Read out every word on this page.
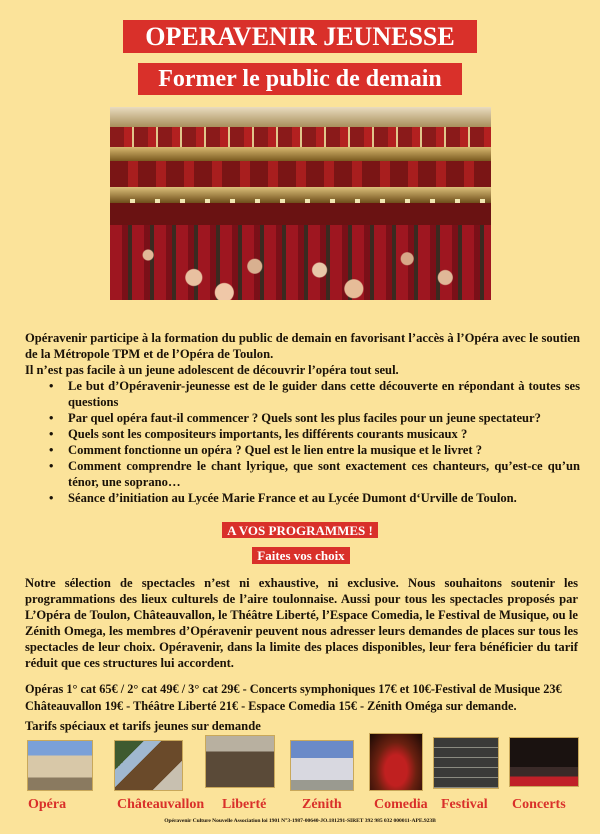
OPERAVENIR JEUNESSE
Former le public de demain

Opéravenir participe à la formation du public de demain en favorisant l’accès à l’Opéra avec le soutien de la Métropole TPM et de l’Opéra de Toulon.

Il n’est pas facile à un jeune adolescent de découvrir l’opéra tout seul.

• Le but d’Opéravenir-jeunesse est de le guider dans cette découverte en répondant à toutes ses questions
• Par quel opéra faut-il commencer ? Quels sont les plus faciles pour un jeune spectateur?
• Quels sont les compositeurs importants, les différents courants musicaux ?
• Comment fonctionne un opéra ? Quel est le lien entre la musique et le livret ?
• Comment comprendre le chant lyrique, que sont exactement ces chanteurs, qu’est-ce qu’un ténor, une soprano…
• Séance d’initiation au Lycée Marie France et au Lycée Dumont d‘Urville de Toulon.
A VOS PROGRAMMES !
Faites vos choix

Notre sélection de spectacles n’est ni exhaustive, ni exclusive. Nous souhaitons soutenir les programmations des lieux culturels de l’aire toulonnaise. Aussi pour tous les spectacles proposés par L’Opéra de Toulon, Châteauvallon, le Théâtre Liberté, l’Espace Comedia, le Festival de Musique, ou le Zénith Omega, les membres d’Opéravenir peuvent nous adresser leurs demandes de places sur tous les spectacles de leur choix. Opéravenir, dans la limite des places disponibles, leur fera bénéficier du tarif réduit que ces structures lui accordent.

Opéras 1° cat 65€ / 2° cat 49€ / 3° cat 29€ - Concerts symphoniques 17€ et 10€-Festival de Musique 23€

Châteauvallon 19€ - Théâtre Liberté 21€ - Espace Comedia 15€ - Zénith Oméga sur demande.

Tarifs spéciaux et tarifs jeunes sur demande
Opéra	Châteauvallon Liberté	Zénith Comedia Festival Concerts
Opéravenir Culture Nouvelle Association loi 1901 N°3-1987-00640-JO.181291-SIRET 392 985 032 000011-APE.923B
